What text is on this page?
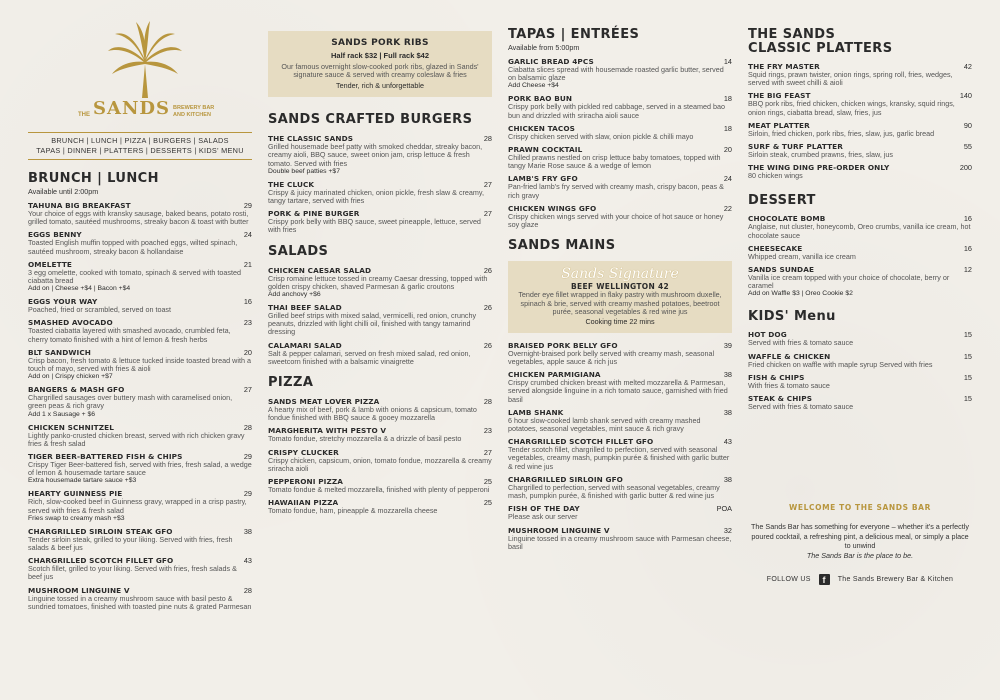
THE SANDS BREWERY BAR
AND KITCHEN
BRUNCH | LUNCH | PIZZA | BURGERS | SALADS
TAPAS | DINNER | PLATTERS | DESSERTS | KIDS' MENU
BRUNCH | LUNCH
Available until 2:00pm
TAHUNA BIG BREAKFAST	29
Your choice of eggs with kransky sausage, baked beans, potato rosti, grilled tomato, sautéed mushrooms, streaky bacon & toast with butter
EGGS BENNY	24
Toasted English muffin topped with poached eggs, wilted spinach, sautéed mushroom, streaky bacon & hollandaise
OMELETTE	21
3 egg omelette, cooked with tomato, spinach & served with toasted ciabatta bread
Add on | Cheese +$4 | Bacon +$4
EGGS YOUR WAY	16
Poached, fried or scrambled, served on toast
SMASHED AVOCADO	23
Toasted ciabatta layered with smashed avocado, crumbled feta, cherry tomato finished with a hint of lemon & fresh herbs
BLT SANDWICH	20
Crisp bacon, fresh tomato & lettuce tucked inside toasted bread with a touch of mayo, served with fries & aioli
Add on | Crispy chicken +$7
BANGERS & MASH GFO	27
Chargrilled sausages over buttery mash with caramelised onion, green peas & rich gravy
Add 1 x Sausage + $6
CHICKEN SCHNITZEL	28
Lightly panko-crusted chicken breast, served with rich chicken gravy fries & fresh salad
TIGER BEER-BATTERED FISH & CHIPS	29
Crispy Tiger Beer-battered fish, served with fries, fresh salad, a wedge of lemon & housemade tartare sauce
Extra housemade tartare sauce +$3
HEARTY GUINNESS PIE	29
Rich, slow-cooked beef in Guinness gravy, wrapped in a crisp pastry, served with fries & fresh salad
Fries swap to creamy mash +$3
CHARGRILLED SIRLOIN STEAK GFO	38
Tender sirloin steak, grilled to your liking. Served with fries, fresh salads & beef jus
CHARGRILLED SCOTCH FILLET GFO	43
Scotch fillet, grilled to your liking. Served with fries, fresh salads & beef jus
MUSHROOM LINGUINE V	28
Linguine tossed in a creamy mushroom sauce with basil pesto & sundried tomatoes, finished with toasted pine nuts & grated Parmesan
SANDS PORK RIBS
Half rack $32 | Full rack $42
Our famous overnight slow-cooked pork ribs, glazed in Sands' signature sauce & served with creamy coleslaw & fries
Tender, rich & unforgettable
SANDS CRAFTED BURGERS
THE CLASSIC SANDS	28
Grilled housemade beef patty with smoked cheddar, streaky bacon, creamy aioli, BBQ sauce, sweet onion jam, crisp lettuce & fresh tomato. Served with fries
Double beef patties +$7
THE CLUCK	27
Crispy & juicy marinated chicken, onion pickle, fresh slaw & creamy, tangy tartare, served with fries
PORK & PINE BURGER	27
Crispy pork belly with BBQ sauce, sweet pineapple, lettuce, served with fries
SALADS
CHICKEN CAESAR SALAD	26
Crisp romaine lettuce tossed in creamy Caesar dressing, topped with golden crispy chicken, shaved Parmesan & garlic croutons
Add anchovy +$6
THAI BEEF SALAD	26
Grilled beef strips with mixed salad, vermicelli, red onion, crunchy peanuts, drizzled with light chilli oil, finished with tangy tamarind dressing
CALAMARI SALAD	26
Salt & pepper calamari, served on fresh mixed salad, red onion, sweetcorn finished with a balsamic vinaigrette
PIZZA
SANDS MEAT LOVER PIZZA	28
A hearty mix of beef, pork & lamb with onions & capsicum, tomato fondue finished with BBQ sauce & gooey mozzarella
MARGHERITA WITH PESTO V	23
Tomato fondue, stretchy mozzarella & a drizzle of basil pesto
CRISPY CLUCKER	27
Crispy chicken, capsicum, onion, tomato fondue, mozzarella & creamy sriracha aioli
PEPPERONI PIZZA	25
Tomato fondue & melted mozzarella, finished with plenty of pepperoni
HAWAIIAN PIZZA	25
Tomato fondue, ham, pineapple & mozzarella cheese
TAPAS | ENTRÉES
Available from 5:00pm
GARLIC BREAD 4PCS	14
Ciabatta slices spread with housemade roasted garlic butter, served on balsamic glaze
Add Cheese +$4
PORK BAO BUN	18
Crispy pork belly with pickled red cabbage, served in a steamed bao bun and drizzled with sriracha aioli sauce
CHICKEN TACOS	18
Crispy chicken served with slaw, onion pickle & chilli mayo
PRAWN COCKTAIL	20
Chilled prawns nestled on crisp lettuce baby tomatoes, topped with tangy Marie Rose sauce & a wedge of lemon
LAMB'S FRY GFO	24
Pan-fried lamb's fry served with creamy mash, crispy bacon, peas & rich gravy
CHICKEN WINGS GFO	22
Crispy chicken wings served with your choice of hot sauce or honey soy glaze
SANDS MAINS
Sands Signature
BEEF WELLINGTON 42
Tender eye fillet wrapped in flaky pastry with mushroom duxelle, spinach & brie, served with creamy mashed potatoes, beetroot purée, seasonal vegetables & red wine jus
Cooking time 22 mins
BRAISED PORK BELLY GFO	39
Overnight-braised pork belly served with creamy mash, seasonal vegetables, apple sauce & rich jus
CHICKEN PARMIGIANA	38
Crispy crumbed chicken breast with melted mozzarella & Parmesan, served alongside linguine in a rich tomato sauce, garnished with fried basil
LAMB SHANK	38
6 hour slow-cooked lamb shank served with creamy mashed potatoes, seasonal vegetables, mint sauce & rich gravy
CHARGRILLED SCOTCH FILLET GFO	43
Tender scotch fillet, chargrilled to perfection, served with seasonal vegetables, creamy mash, pumpkin purée & finished with garlic butter & red wine jus
CHARGRILLED SIRLOIN GFO	38
Chargrilled to perfection, served with seasonal vegetables, creamy mash, pumpkin purée, & finished with garlic butter & red wine jus
FISH OF THE DAY	POA
Please ask our server
MUSHROOM LINGUINE V	32
Linguine tossed in a creamy mushroom sauce with Parmesan cheese, basil
THE SANDS
CLASSIC PLATTERS
THE FRY MASTER	42
Squid rings, prawn twister, onion rings, spring roll, fries, wedges, served with sweet chilli & aioli
THE BIG FEAST	140
BBQ pork ribs, fried chicken, chicken wings, kransky, squid rings, onion rings, ciabatta bread, slaw, fries, jus
MEAT PLATTER	90
Sirloin, fried chicken, pork ribs, fries, slaw, jus, garlic bread
SURF & TURF PLATTER	55
Sirloin steak, crumbed prawns, fries, slaw, jus
THE WING DING PRE-ORDER ONLY	200
80 chicken wings
DESSERT
CHOCOLATE BOMB	16
Anglaise, nut cluster, honeycomb, Oreo crumbs, vanilla ice cream, hot chocolate sauce
CHEESECAKE	16
Whipped cream, vanilla ice cream
SANDS SUNDAE	12
Vanilla ice cream topped with your choice of chocolate, berry or caramel
Add on Waffle $3 | Oreo Cookie $2
KIDS' Menu
HOT DOG	15
Served with fries & tomato sauce
WAFFLE & CHICKEN	15
Fried chicken on waffle with maple syrup Served with fries
FISH & CHIPS	15
With fries & tomato sauce
STEAK & CHIPS	15
Served with fries & tomato sauce
WELCOME TO THE SANDS BAR
The Sands Bar has something for everyone – whether it's a perfectly poured cocktail, a refreshing pint, a delicious meal, or simply a place to unwind
The Sands Bar is the place to be.
FOLLOW US	f	The Sands Brewery Bar & Kitchen
